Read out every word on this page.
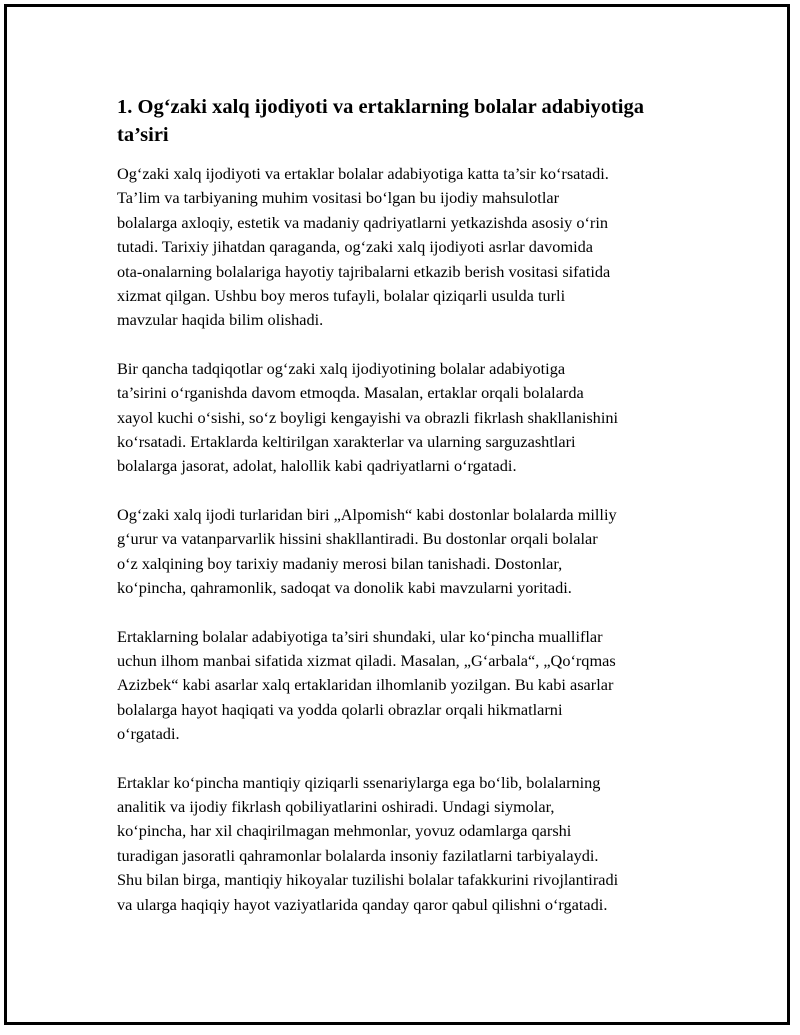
1. Og‘zaki xalq ijodiyoti va ertaklarning bolalar adabiyotiga
ta’siri

Og‘zaki xalq ijodiyoti va ertaklar bolalar adabiyotiga katta ta’sir ko‘rsatadi.
Ta’lim va tarbiyaning muhim vositasi bo‘lgan bu ijodiy mahsulotlar
bolalarga axloqiy, estetik va madaniy qadriyatlarni yetkazishda asosiy o‘rin
tutadi. Tarixiy jihatdan qaraganda, og‘zaki xalq ijodiyoti asrlar davomida
ota-onalarning bolalariga hayotiy tajribalarni etkazib berish vositasi sifatida
xizmat qilgan. Ushbu boy meros tufayli, bolalar qiziqarli usulda turli
mavzular haqida bilim olishadi.

Bir qancha tadqiqotlar og‘zaki xalq ijodiyotining bolalar adabiyotiga
ta’sirini o‘rganishda davom etmoqda. Masalan, ertaklar orqali bolalarda
xayol kuchi o‘sishi, so‘z boyligi kengayishi va obrazli fikrlash shakllanishini
ko‘rsatadi. Ertaklarda keltirilgan xarakterlar va ularning sarguzashtlari
bolalarga jasorat, adolat, halollik kabi qadriyatlarni o‘rgatadi.

Og‘zaki xalq ijodi turlaridan biri „Alpomish“ kabi dostonlar bolalarda milliy
g‘urur va vatanparvarlik hissini shakllantiradi. Bu dostonlar orqali bolalar
o‘z xalqining boy tarixiy madaniy merosi bilan tanishadi. Dostonlar,
ko‘pincha, qahramonlik, sadoqat va donolik kabi mavzularni yoritadi.

Ertaklarning bolalar adabiyotiga ta’siri shundaki, ular ko‘pincha mualliflar
uchun ilhom manbai sifatida xizmat qiladi. Masalan, „G‘arbala“, „Qo‘rqmas
Azizbek“ kabi asarlar xalq ertaklaridan ilhomlanib yozilgan. Bu kabi asarlar
bolalarga hayot haqiqati va yodda qolarli obrazlar orqali hikmatlarni
o‘rgatadi.

Ertaklar ko‘pincha mantiqiy qiziqarli ssenariylarga ega bo‘lib, bolalarning
analitik va ijodiy fikrlash qobiliyatlarini oshiradi. Undagi siymolar,
ko‘pincha, har xil chaqirilmagan mehmonlar, yovuz odamlarga qarshi
turadigan jasoratli qahramonlar bolalarda insoniy fazilatlarni tarbiyalaydi.
Shu bilan birga, mantiqiy hikoyalar tuzilishi bolalar tafakkurini rivojlantiradi
va ularga haqiqiy hayot vaziyatlarida qanday qaror qabul qilishni o‘rgatadi.
